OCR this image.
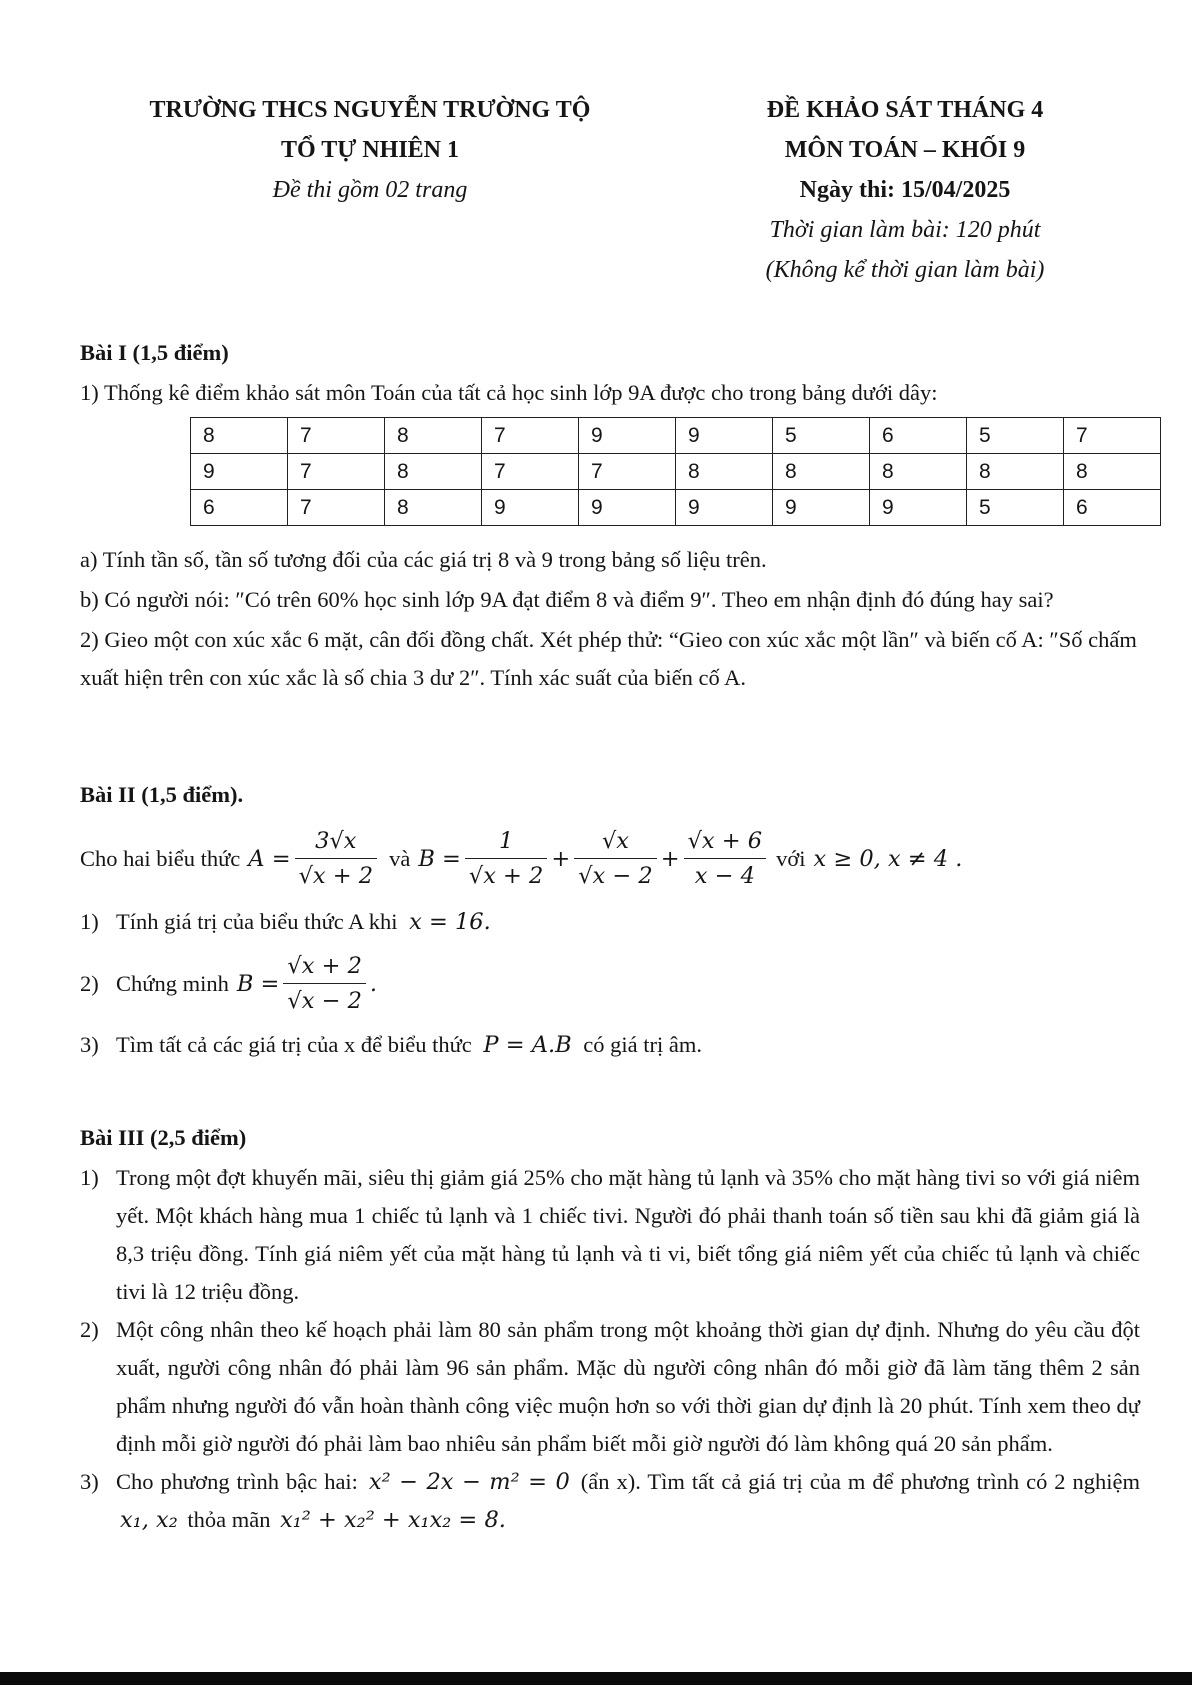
TRƯỜNG THCS NGUYỄN TRƯỜNG TỘ
TỔ TỰ NHIÊN 1
Đề thi gồm 02 trang
ĐỀ KHẢO SÁT THÁNG 4
MÔN TOÁN – KHỐI 9
Ngày thi: 15/04/2025
Thời gian làm bài: 120 phút
(Không kể thời gian làm bài)

Bài I (1,5 điểm)

1) Thống kê điểm khảo sát môn Toán của tất cả học sinh lớp 9A được cho trong bảng dưới dây:

8	7	8	7	9	9	5	6	5	7
9	7	8	7	7	8	8	8	8	8
6	7	8	9	9	9	9	9	5	6

a) Tính tần số, tần số tương đối của các giá trị 8 và 9 trong bảng số liệu trên.

b) Có người nói: ″Có trên 60% học sinh lớp 9A đạt điểm 8 và điểm 9″. Theo em nhận định đó đúng hay sai?

2) Gieo một con xúc xắc 6 mặt, cân đối đồng chất. Xét phép thử: “Gieo con xúc xắc một lần″ và biến cố A: ″Số chấm xuất hiện trên con xúc xắc là số chia 3 dư 2″. Tính xác suất của biến cố A.

Bài II (1,5 điểm).

Cho hai biểu thức $A = \frac{3√x}{√x + 2}$ và $B = \frac{1}{√x + 2} + \frac{√x}{√x - 2} + \frac{√x + 6}{x - 4}$ với x ≥ 0, x ≠ 4 .
1) Tính giá trị của biểu thức A khi x = 16.
2) Chứng minh $B = \frac{√x + 2}{√x - 2}$ .
3) Tìm tất cả các giá trị của x để biểu thức P = A.B có giá trị âm.

Bài III (2,5 điểm)

1) Trong một đợt khuyến mãi, siêu thị giảm giá 25% cho mặt hàng tủ lạnh và 35% cho mặt hàng tivi so với giá niêm yết. Một khách hàng mua 1 chiếc tủ lạnh và 1 chiếc tivi. Người đó phải thanh toán số tiền sau khi đã giảm giá là 8,3 triệu đồng. Tính giá niêm yết của mặt hàng tủ lạnh và ti vi, biết tổng giá niêm yết của chiếc tủ lạnh và chiếc tivi là 12 triệu đồng.
2) Một công nhân theo kế hoạch phải làm 80 sản phẩm trong một khoảng thời gian dự định. Nhưng do yêu cầu đột xuất, người công nhân đó phải làm 96 sản phẩm. Mặc dù người công nhân đó mỗi giờ đã làm tăng thêm 2 sản phẩm nhưng người đó vẫn hoàn thành công việc muộn hơn so với thời gian dự định là 20 phút. Tính xem theo dự định mỗi giờ người đó phải làm bao nhiêu sản phẩm biết mỗi giờ người đó làm không quá 20 sản phẩm.
3) Cho phương trình bậc hai: x² − 2x − m² = 0 (ẩn x). Tìm tất cả giá trị của m để phương trình có 2 nghiệm x₁, x₂ thỏa mãn x₁² + x₂² + x₁x₂ = 8.
